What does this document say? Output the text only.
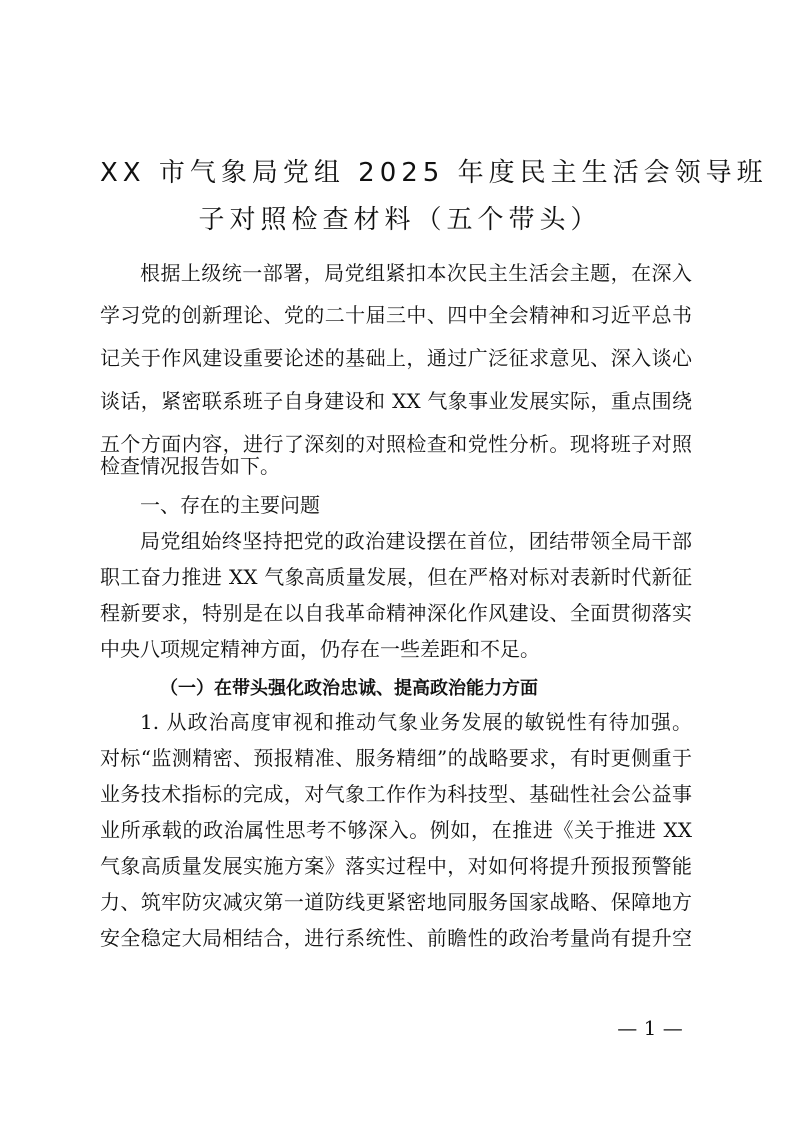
XX 市气象局党组 2025 年度民主生活会领导班
子对照检查材料（五个带头）
根据上级统一部署，局党组紧扣本次民主生活会主题，在深入
学习党的创新理论、党的二十届三中、四中全会精神和习近平总书
记关于作风建设重要论述的基础上，通过广泛征求意见、深入谈心
谈话，紧密联系班子自身建设和 XX 气象事业发展实际，重点围绕
五个方面内容，进行了深刻的对照检查和党性分析。现将班子对照
检查情况报告如下。
一、存在的主要问题
局党组始终坚持把党的政治建设摆在首位，团结带领全局干部
职工奋力推进 XX 气象高质量发展，但在严格对标对表新时代新征
程新要求，特别是在以自我革命精神深化作风建设、全面贯彻落实
中央八项规定精神方面，仍存在一些差距和不足。
（一）在带头强化政治忠诚、提高政治能力方面
1. 从政治高度审视和推动气象业务发展的敏锐性有待加强。
对标“监测精密、预报精准、服务精细”的战略要求，有时更侧重于
业务技术指标的完成，对气象工作作为科技型、基础性社会公益事
业所承载的政治属性思考不够深入。例如，在推进《关于推进 XX
气象高质量发展实施方案》落实过程中，对如何将提升预报预警能
力、筑牢防灾减灾第一道防线更紧密地同服务国家战略、保障地方
安全稳定大局相结合，进行系统性、前瞻性的政治考量尚有提升空
— 1 —
